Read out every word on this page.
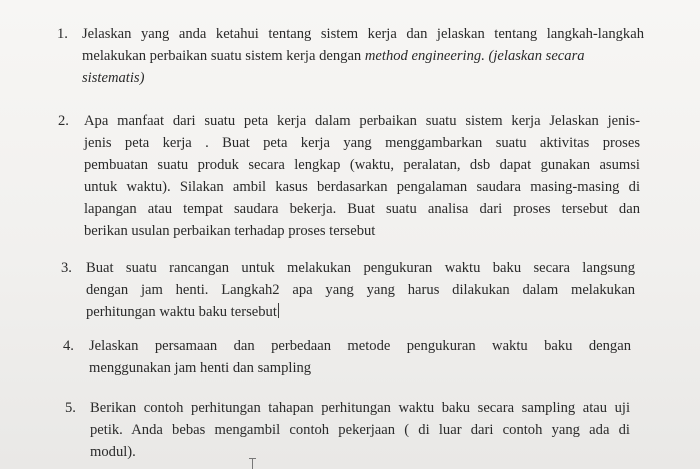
1. Jelaskan yang anda ketahui tentang sistem kerja dan jelaskan tentang langkah-langkah
melakukan perbaikan suatu sistem kerja dengan method engineering. (jelaskan secara
sistematis)
2.	Apa manfaat dari suatu peta kerja dalam perbaikan suatu sistem kerja Jelaskan jenis-
jenis peta kerja . Buat peta kerja yang menggambarkan suatu aktivitas proses
pembuatan suatu produk secara lengkap (waktu, peralatan, dsb dapat gunakan asumsi
untuk waktu). Silakan ambil kasus berdasarkan pengalaman saudara masing-masing di
lapangan atau tempat saudara bekerja. Buat suatu analisa dari proses tersebut dan
berikan usulan perbaikan terhadap proses tersebut
3. Buat suatu rancangan untuk melakukan pengukuran waktu baku secara langsung
dengan jam henti. Langkah2 apa yang yang harus dilakukan dalam melakukan
perhitungan waktu baku tersebut
4.	Jelaskan persamaan dan perbedaan metode pengukuran waktu baku dengan
menggunakan jam henti dan sampling
5. Berikan contoh perhitungan tahapan perhitungan waktu baku secara sampling atau uji
petik. Anda bebas mengambil contoh pekerjaan ( di luar dari contoh yang ada di
modul).
